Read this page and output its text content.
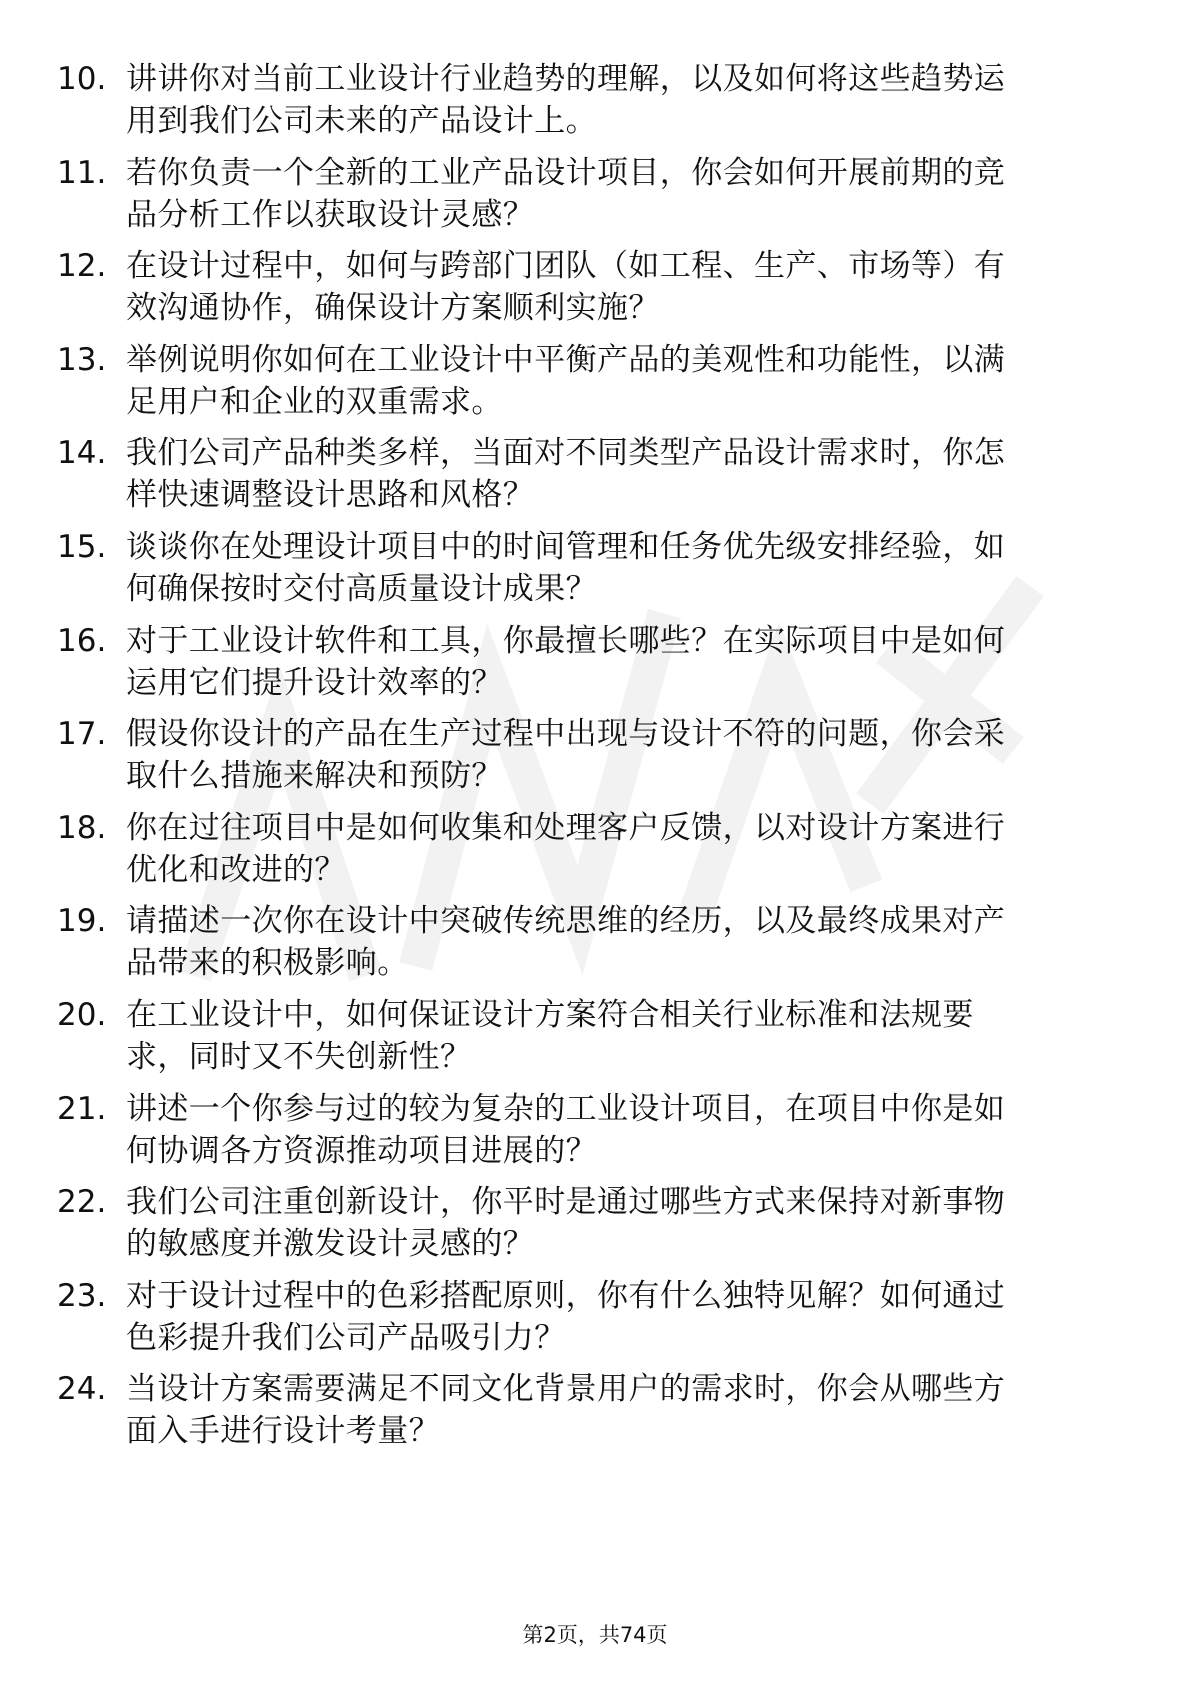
10. 讲讲你对当前工业设计行业趋势的理解，以及如何将这些趋势运
用到我们公司未来的产品设计上。
11. 若你负责一个全新的工业产品设计项目，你会如何开展前期的竞
品分析工作以获取设计灵感？
12. 在设计过程中，如何与跨部门团队（如工程、生产、市场等）有
效沟通协作，确保设计方案顺利实施？
13. 举例说明你如何在工业设计中平衡产品的美观性和功能性，以满
足用户和企业的双重需求。
14. 我们公司产品种类多样，当面对不同类型产品设计需求时，你怎
样快速调整设计思路和风格？
15. 谈谈你在处理设计项目中的时间管理和任务优先级安排经验，如
何确保按时交付高质量设计成果？
16. 对于工业设计软件和工具，你最擅长哪些？在实际项目中是如何
运用它们提升设计效率的？
17. 假设你设计的产品在生产过程中出现与设计不符的问题，你会采
取什么措施来解决和预防？
18. 你在过往项目中是如何收集和处理客户反馈，以对设计方案进行
优化和改进的？
19. 请描述一次你在设计中突破传统思维的经历，以及最终成果对产
品带来的积极影响。
20. 在工业设计中，如何保证设计方案符合相关行业标准和法规要
求，同时又不失创新性？
21. 讲述一个你参与过的较为复杂的工业设计项目，在项目中你是如
何协调各方资源推动项目进展的？
22. 我们公司注重创新设计，你平时是通过哪些方式来保持对新事物
的敏感度并激发设计灵感的？
23. 对于设计过程中的色彩搭配原则，你有什么独特见解？如何通过
色彩提升我们公司产品吸引力？
24. 当设计方案需要满足不同文化背景用户的需求时，你会从哪些方
面入手进行设计考量？
第2页，共74页
